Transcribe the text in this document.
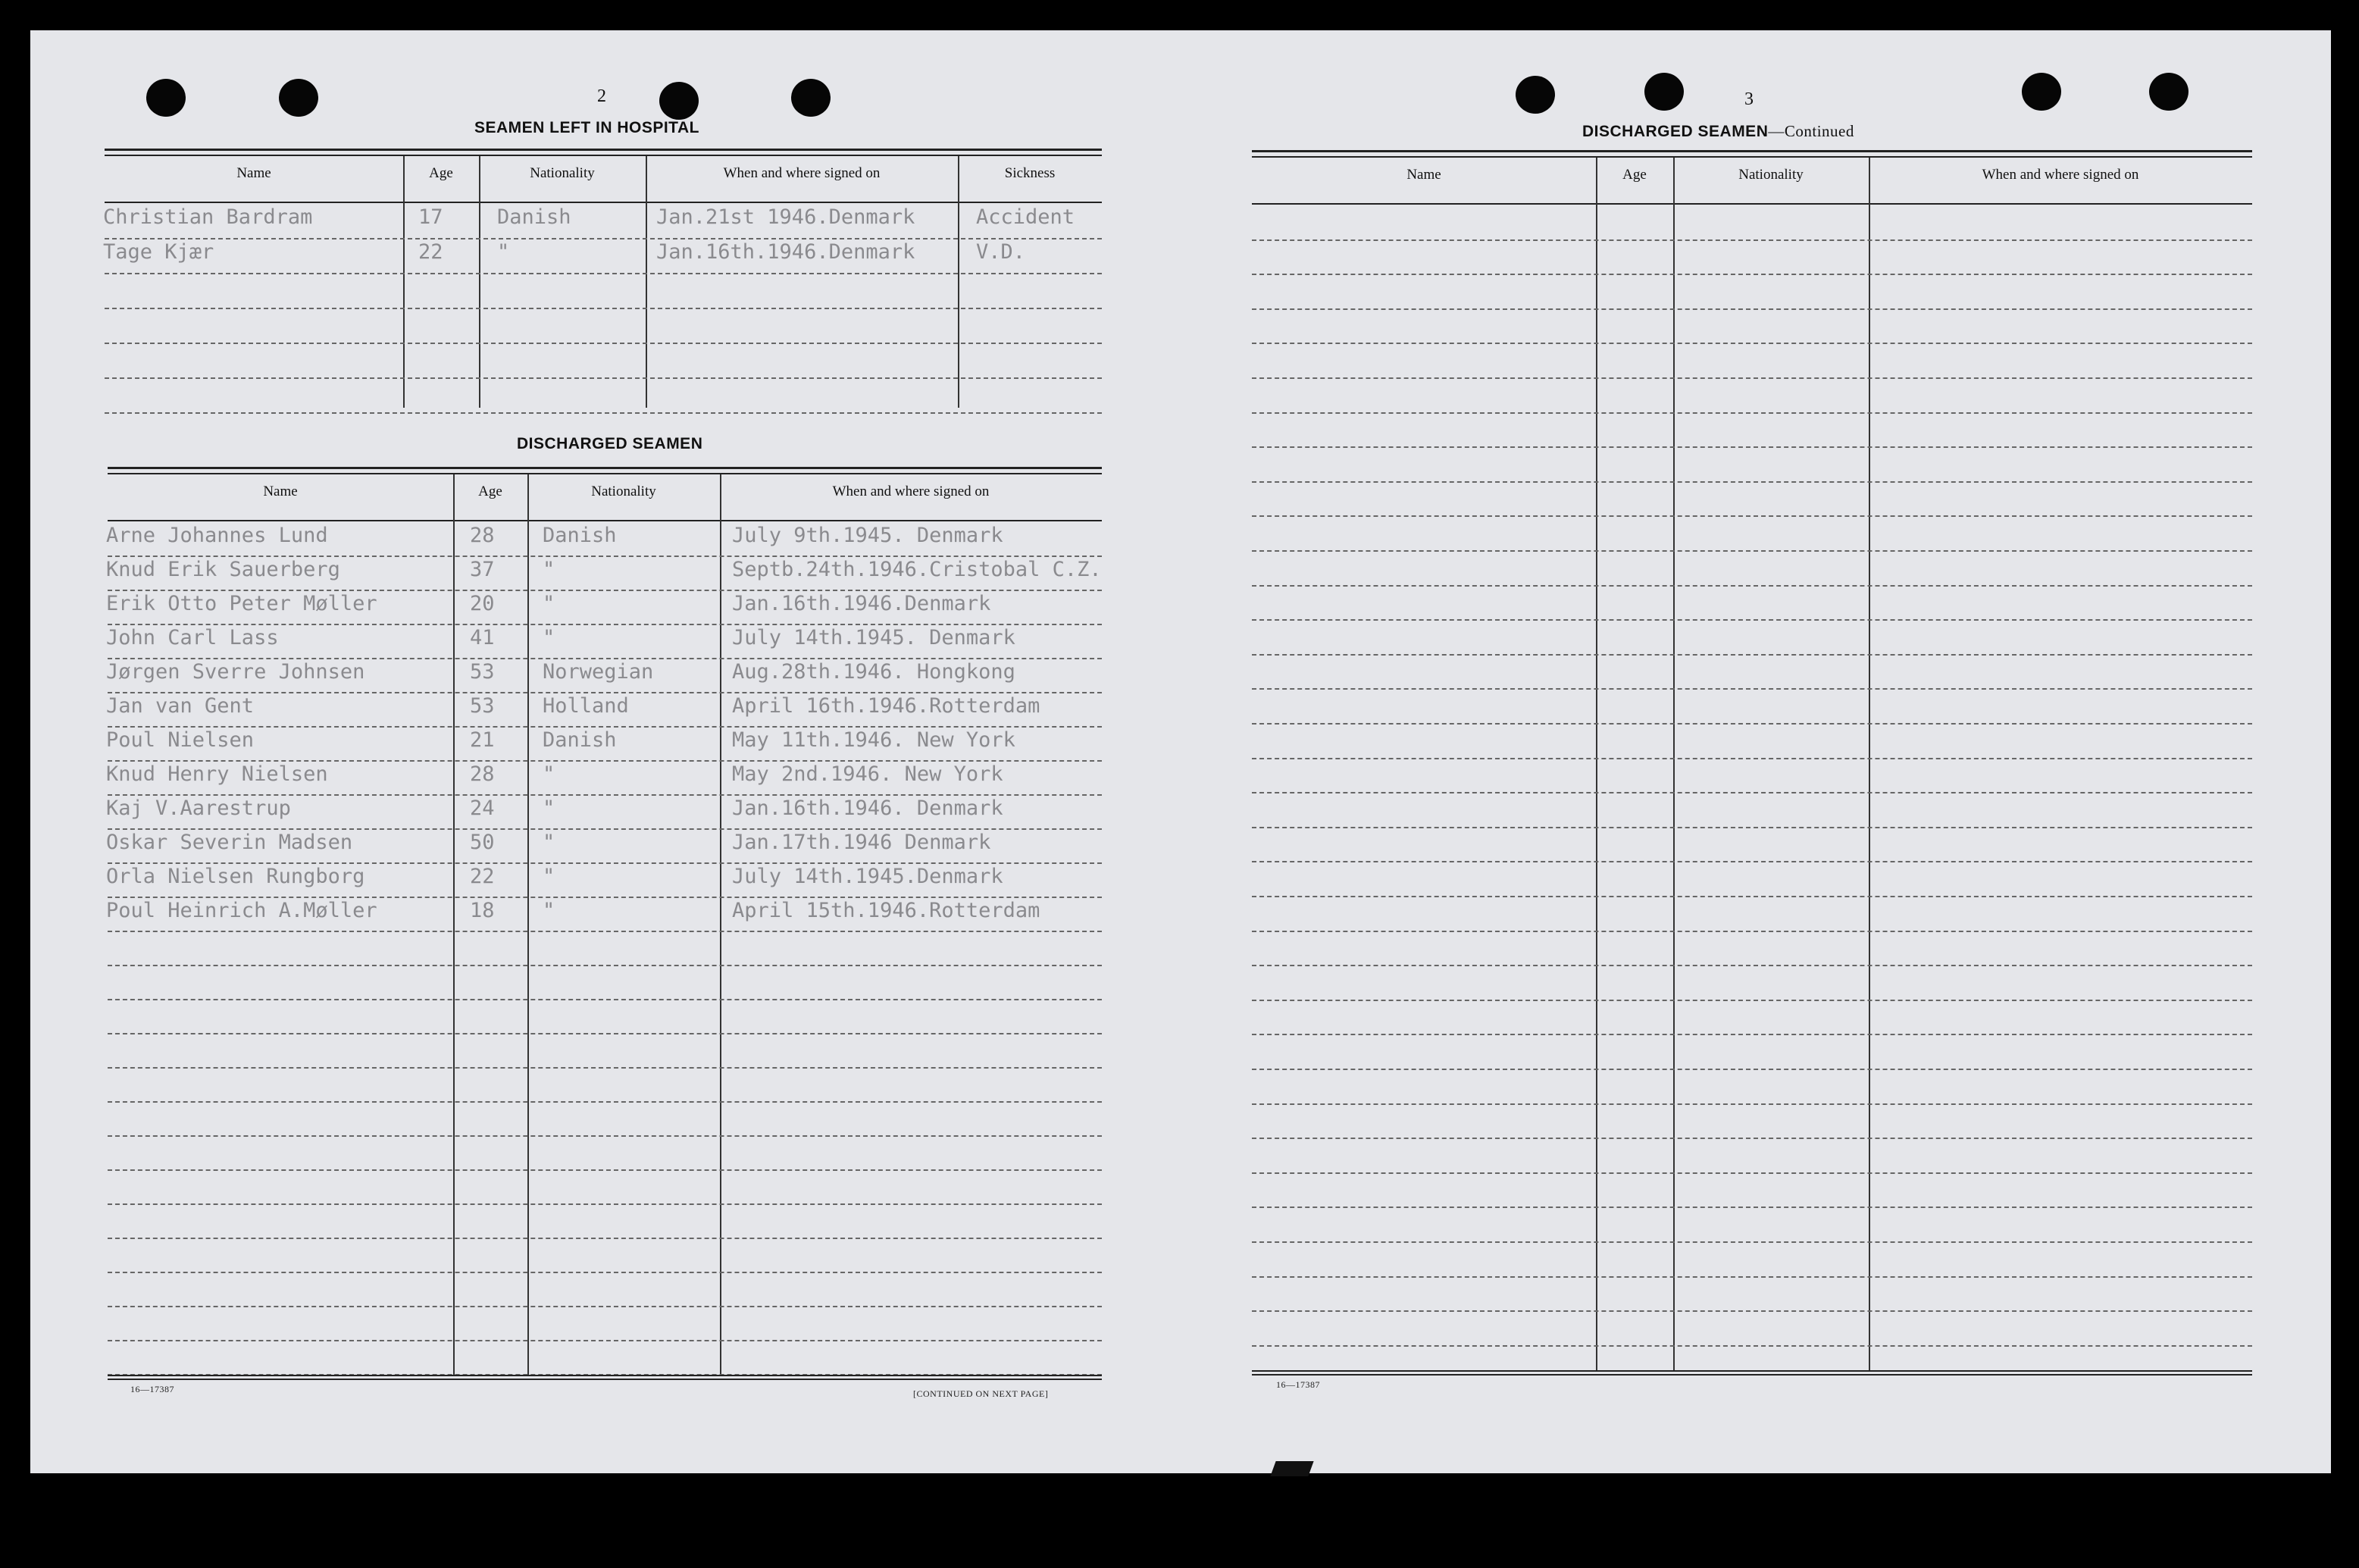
2
SEAMEN LEFT IN HOSPITAL
Name	Age	Nationality	When and where signed on	Sickness
Christian Bardram	17	Danish	Jan.21st 1946.Denmark	Accident
Tage Kjær	22	"	Jan.16th.1946.Denmark	V.D.
DISCHARGED SEAMEN
Name	Age	Nationality	When and where signed on
Arne Johannes Lund	28 Danish	July 9th.1945. Denmark
Knud Erik Sauerberg	37 "	Septb.24th.1946.Cristobal C.Z.
Erik Otto Peter Møller	20 "	Jan.16th.1946.Denmark
John Carl Lass	41 "	July 14th.1945. Denmark
Jørgen Sverre Johnsen	53 Norwegian	Aug.28th.1946. Hongkong
Jan van Gent	53 Holland	April 16th.1946.Rotterdam
Poul Nielsen	21 Danish	May 11th.1946. New York
Knud Henry Nielsen	28 "	May 2nd.1946. New York
Kaj V.Aarestrup	24 "	Jan.16th.1946. Denmark
Oskar Severin Madsen	50 "	Jan.17th.1946 Denmark
Orla Nielsen Rungborg	22 "	July 14th.1945.Denmark
Poul Heinrich A.Møller	18 "	April 15th.1946.Rotterdam
16—17387	[CONTINUED ON NEXT PAGE]
3
DISCHARGED SEAMEN—Continued
Name	Age	Nationality	When and where signed on
16—17387
